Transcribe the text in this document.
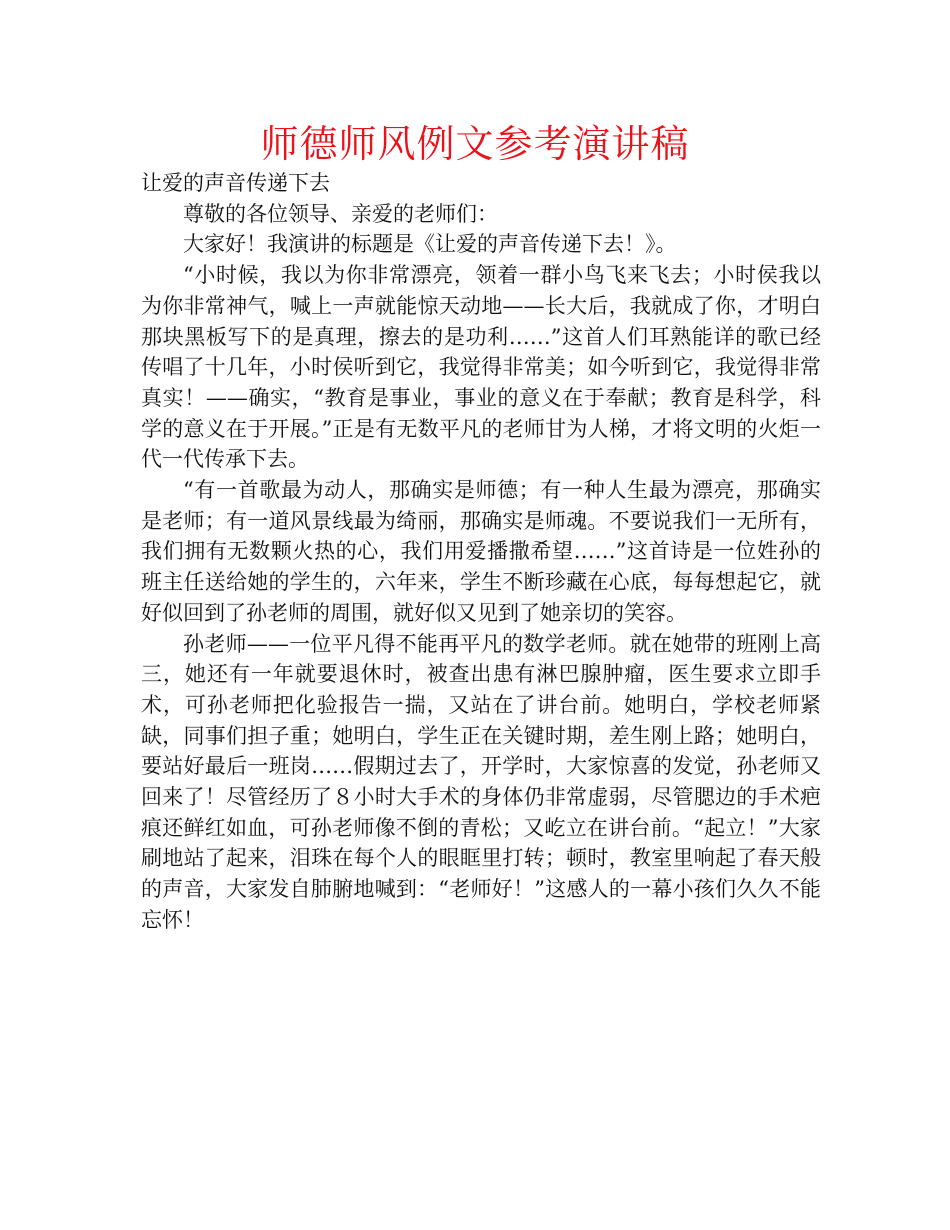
师德师风例文参考演讲稿

让爱的声音传递下去

尊敬的各位领导、亲爱的老师们：

大家好！我演讲的标题是《让爱的声音传递下去！》。

“小时候，我以为你非常漂亮，领着一群小鸟飞来飞去；小时侯我以为你非常神气，喊上一声就能惊天动地——长大后，我就成了你，才明白那块黑板写下的是真理，擦去的是功利……”这首人们耳熟能详的歌已经传唱了十几年，小时侯听到它，我觉得非常美；如今听到它，我觉得非常真实！——确实，“教育是事业，事业的意义在于奉献；教育是科学，科学的意义在于开展。”正是有无数平凡的老师甘为人梯，才将文明的火炬一代一代传承下去。

“有一首歌最为动人，那确实是师德；有一种人生最为漂亮，那确实是老师；有一道风景线最为绮丽，那确实是师魂。不要说我们一无所有，我们拥有无数颗火热的心，我们用爱播撒希望……”这首诗是一位姓孙的班主任送给她的学生的，六年来，学生不断珍藏在心底，每每想起它，就好似回到了孙老师的周围，就好似又见到了她亲切的笑容。

孙老师——一位平凡得不能再平凡的数学老师。就在她带的班刚上高三，她还有一年就要退休时，被查出患有淋巴腺肿瘤，医生要求立即手术，可孙老师把化验报告一揣，又站在了讲台前。她明白，学校老师紧缺，同事们担子重；她明白，学生正在关键时期，差生刚上路；她明白，要站好最后一班岗……假期过去了，开学时，大家惊喜的发觉，孙老师又回来了！尽管经历了８小时大手术的身体仍非常虚弱，尽管腮边的手术疤痕还鲜红如血，可孙老师像不倒的青松；又屹立在讲台前。“起立！”大家刷地站了起来，泪珠在每个人的眼眶里打转；顿时，教室里响起了春天般的声音，大家发自肺腑地喊到：“老师好！”这感人的一幕小孩们久久不能忘怀！
